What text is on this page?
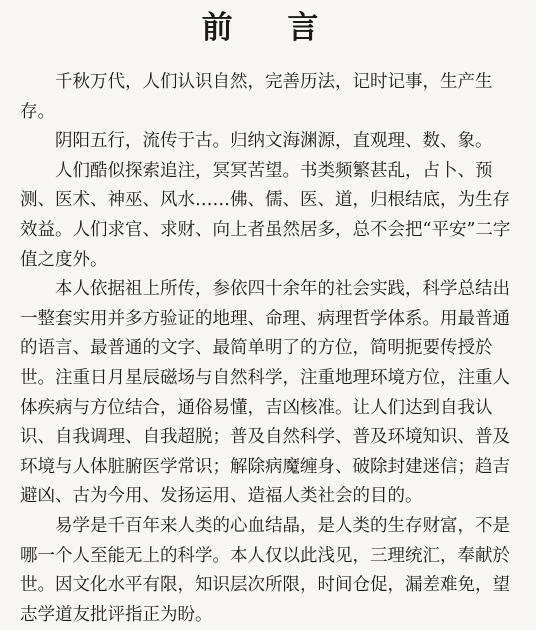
前 言

千秋万代，人们认识自然，完善历法，记时记事，生产生存。

阴阳五行，流传于古。归纳文海渊源，直观理、数、象。

人们酷似探索追注，冥冥苦望。书类频繁甚乱，占卜、预测、医术、神巫、风水……佛、儒、医、道，归根结底，为生存效益。人们求官、求财、向上者虽然居多，总不会把“平安”二字值之度外。

本人依据祖上所传，参依四十余年的社会实践，科学总结出一整套实用并多方验证的地理、命理、病理哲学体系。用最普通的语言、最普通的文字、最简单明了的方位，简明扼要传授於世。注重日月星辰磁场与自然科学，注重地理环境方位，注重人体疾病与方位结合，通俗易懂，吉凶核准。让人们达到自我认识、自我调理、自我超脱；普及自然科学、普及环境知识、普及环境与人体脏腑医学常识；解除病魔缠身、破除封建迷信；趋吉避凶、古为今用、发扬运用、造福人类社会的目的。

易学是千百年来人类的心血结晶，是人类的生存财富，不是哪一个人至能无上的科学。本人仅以此浅见，三理统汇，奉献於世。因文化水平有限，知识层次所限，时间仓促，漏差难免，望志学道友批评指正为盼。
